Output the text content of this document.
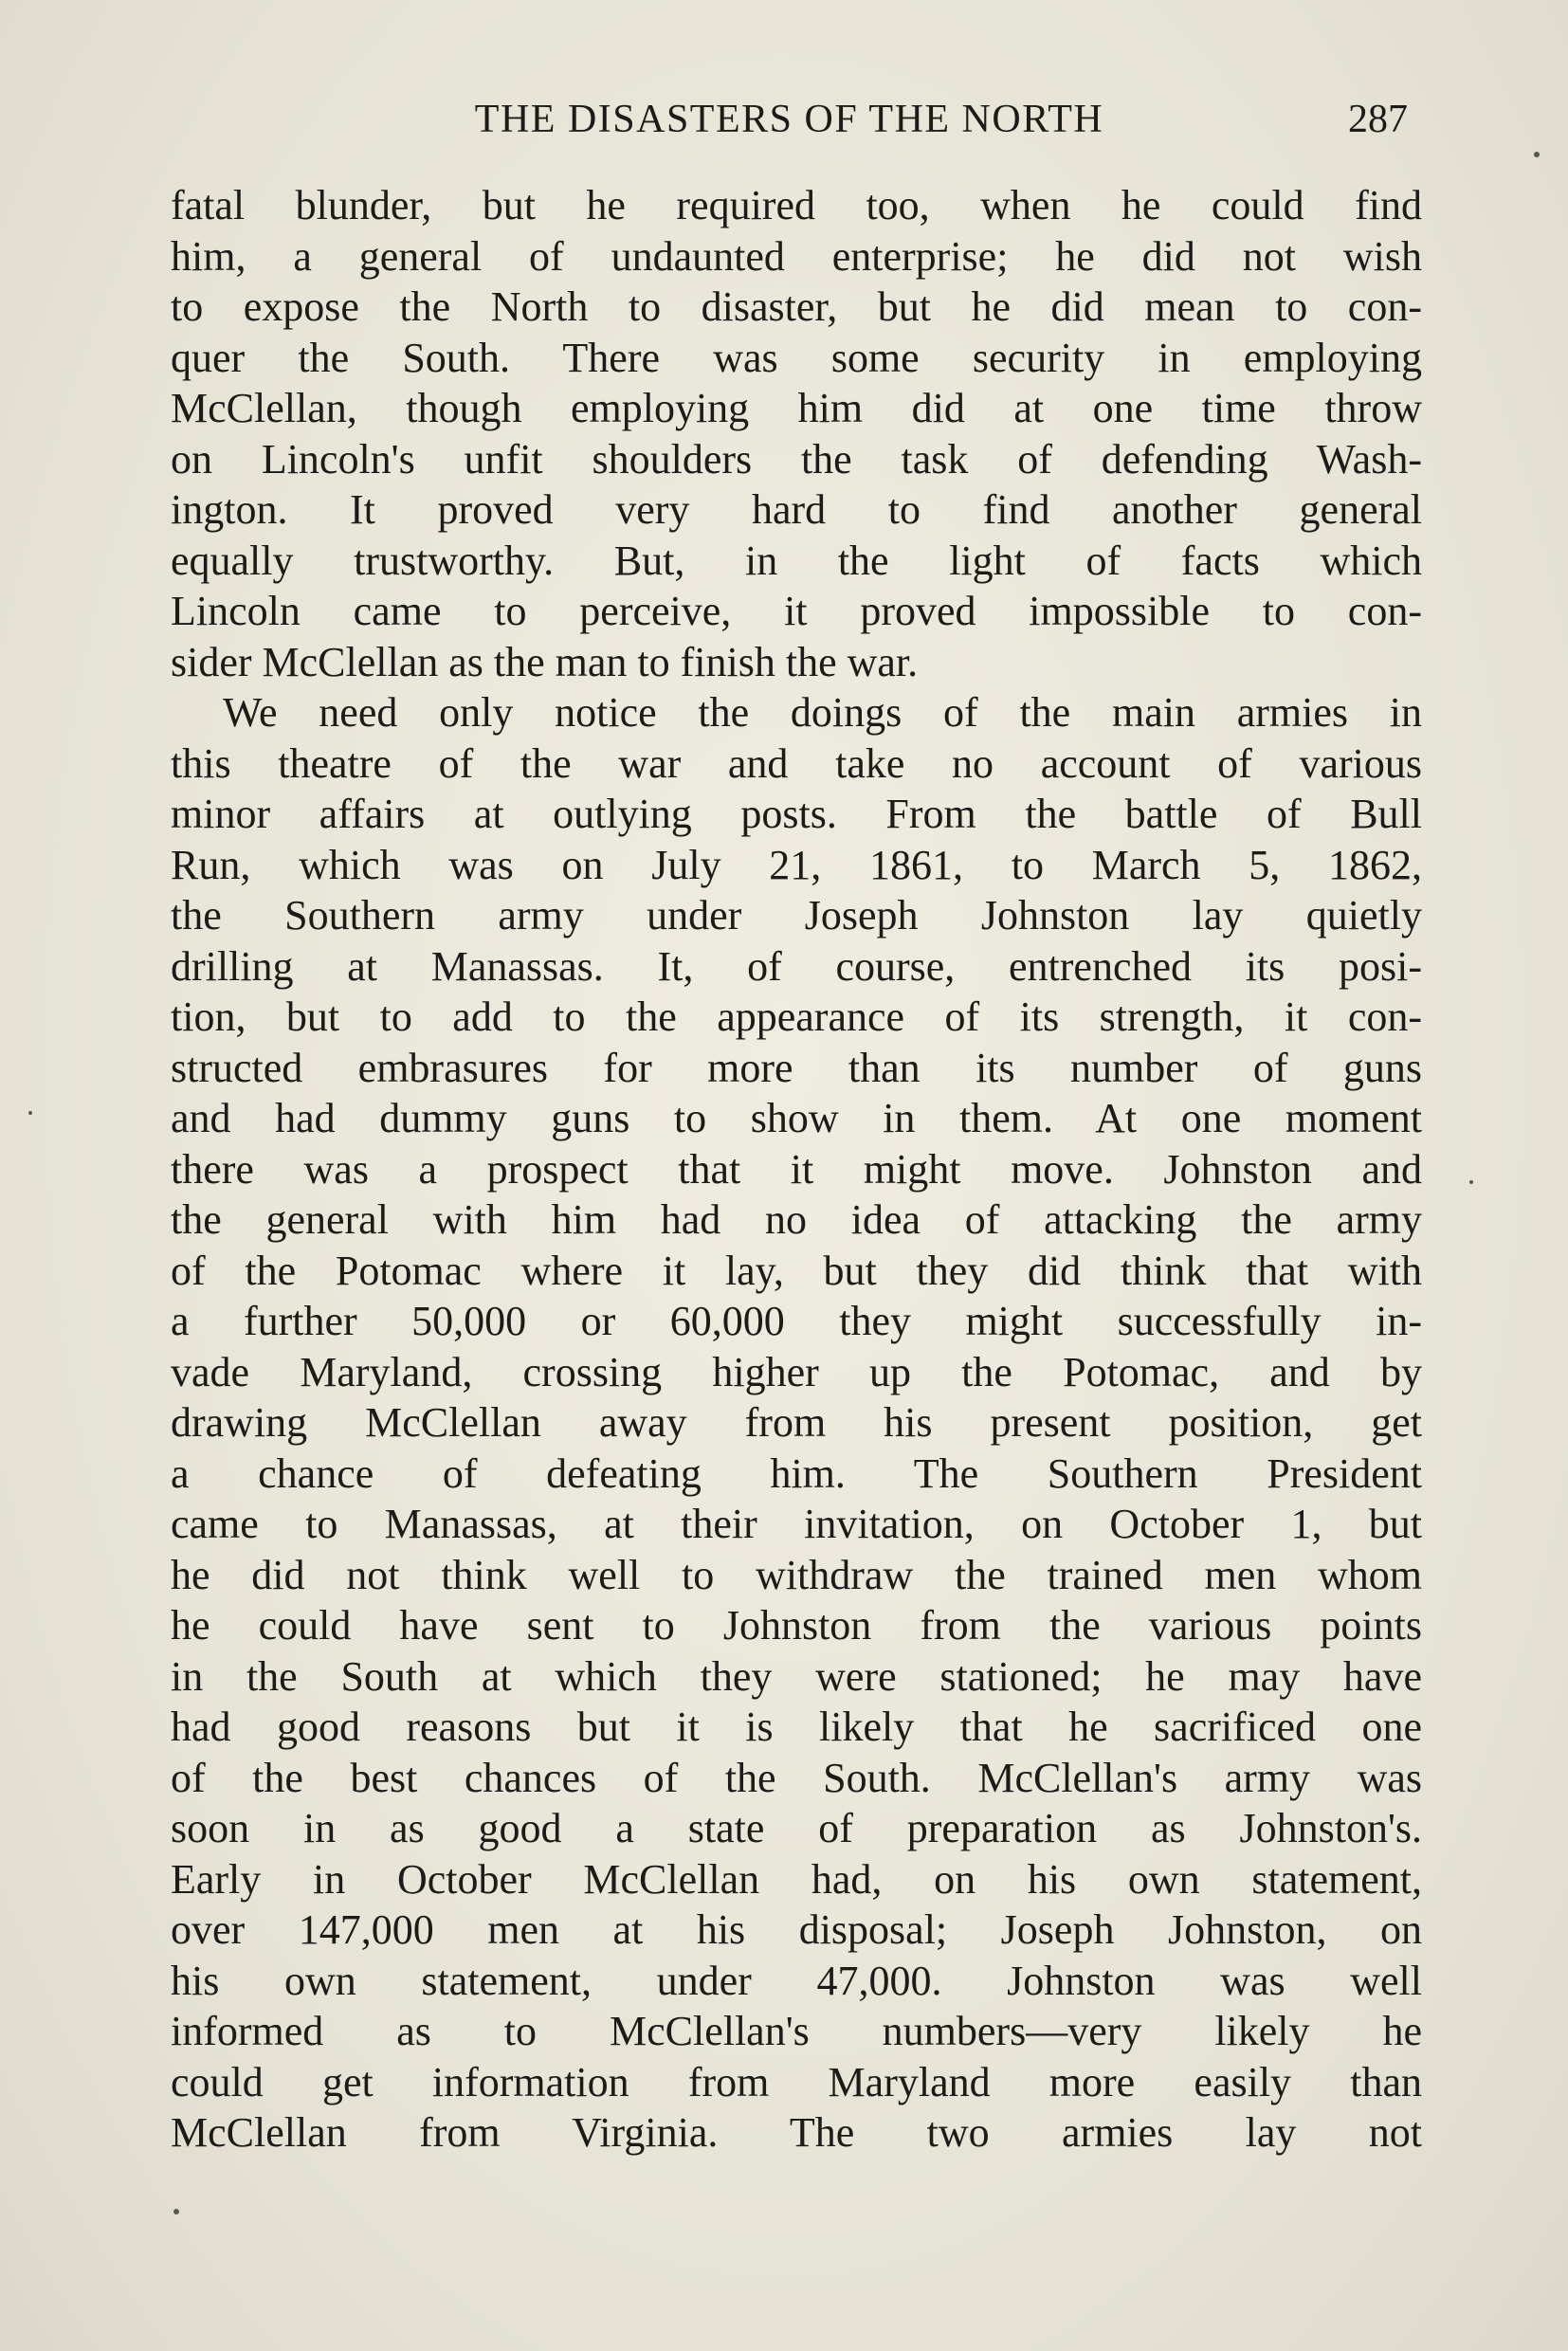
THE DISASTERS OF THE NORTH	287
fatal blunder, but he required too, when he could find
him, a general of undaunted enterprise; he did not wish
to expose the North to disaster, but he did mean to con-
quer the South. There was some security in employing
McClellan, though employing him did at one time throw
on Lincoln's unfit shoulders the task of defending Wash-
ington. It proved very hard to find another general
equally trustworthy. But, in the light of facts which
Lincoln came to perceive, it proved impossible to con-
sider McClellan as the man to finish the war.
We need only notice the doings of the main armies in
this theatre of the war and take no account of various
minor affairs at outlying posts. From the battle of Bull
Run, which was on July 21, 1861, to March 5, 1862,
the Southern army under Joseph Johnston lay quietly
drilling at Manassas. It, of course, entrenched its posi-
tion, but to add to the appearance of its strength, it con-
structed embrasures for more than its number of guns
and had dummy guns to show in them. At one moment
there was a prospect that it might move. Johnston and
the general with him had no idea of attacking the army
of the Potomac where it lay, but they did think that with
a further 50,000 or 60,000 they might successfully in-
vade Maryland, crossing higher up the Potomac, and by
drawing McClellan away from his present position, get
a chance of defeating him. The Southern President
came to Manassas, at their invitation, on October 1, but
he did not think well to withdraw the trained men whom
he could have sent to Johnston from the various points
in the South at which they were stationed; he may have
had good reasons but it is likely that he sacrificed one
of the best chances of the South. McClellan's army was
soon in as good a state of preparation as Johnston's.
Early in October McClellan had, on his own statement,
over 147,000 men at his disposal; Joseph Johnston, on
his own statement, under 47,000. Johnston was well
informed as to McClellan's numbers—very likely he
could get information from Maryland more easily than
McClellan from Virginia. The two armies lay not
